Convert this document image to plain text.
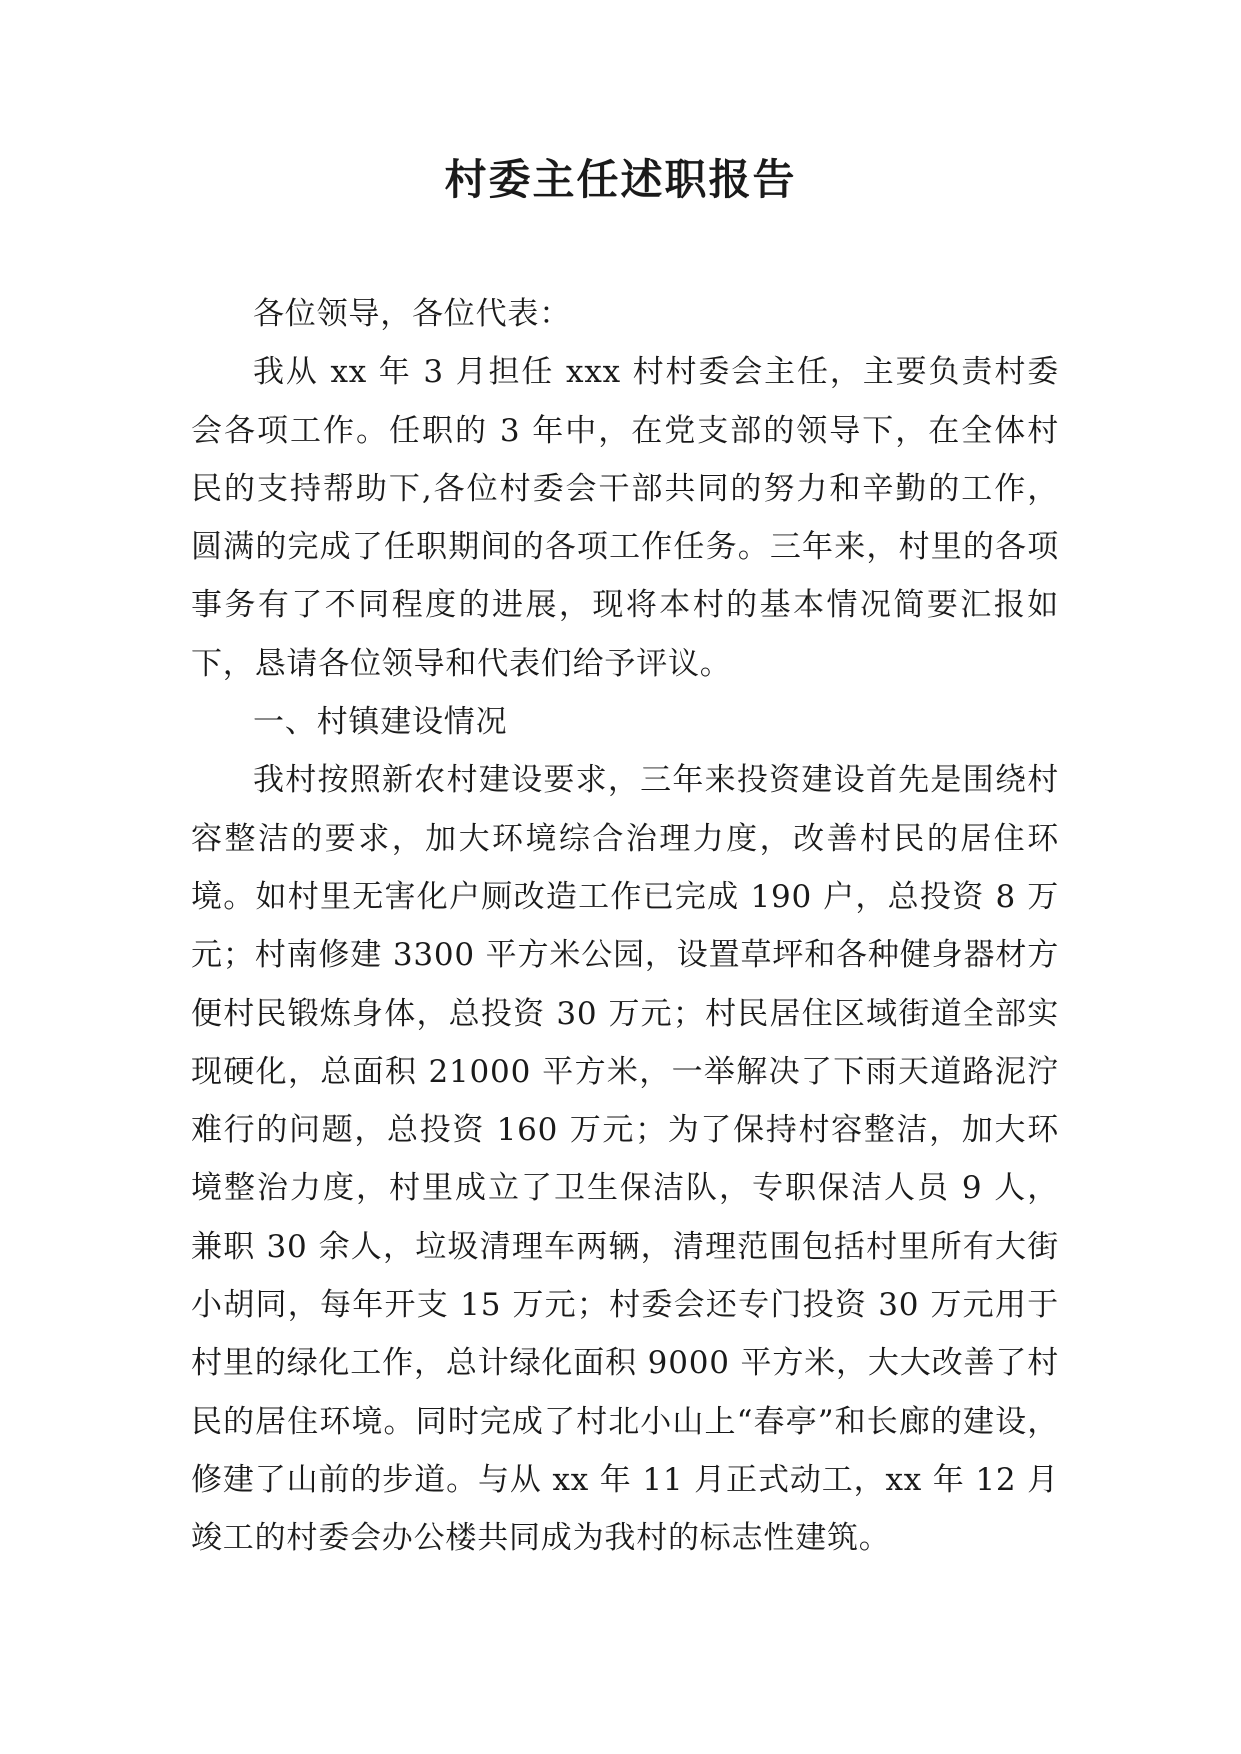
村委主任述职报告

各位领导，各位代表：

我从 xx 年 3 月担任 xxx 村村委会主任，主要负责村委会各项工作。任职的 3 年中，在党支部的领导下，在全体村民的支持帮助下,各位村委会干部共同的努力和辛勤的工作，圆满的完成了任职期间的各项工作任务。三年来，村里的各项事务有了不同程度的进展，现将本村的基本情况简要汇报如下，恳请各位领导和代表们给予评议。

一、村镇建设情况

我村按照新农村建设要求，三年来投资建设首先是围绕村容整洁的要求，加大环境综合治理力度，改善村民的居住环境。如村里无害化户厕改造工作已完成 190 户，总投资 8 万元；村南修建 3300 平方米公园，设置草坪和各种健身器材方便村民锻炼身体，总投资 30 万元；村民居住区域街道全部实现硬化，总面积 21000 平方米，一举解决了下雨天道路泥泞难行的问题，总投资 160 万元；为了保持村容整洁，加大环境整治力度，村里成立了卫生保洁队，专职保洁人员 9 人，兼职 30 余人，垃圾清理车两辆，清理范围包括村里所有大街小胡同，每年开支 15 万元；村委会还专门投资 30 万元用于村里的绿化工作，总计绿化面积 9000 平方米，大大改善了村民的居住环境。同时完成了村北小山上“春亭”和长廊的建设，修建了山前的步道。与从 xx 年 11 月正式动工，xx 年 12 月竣工的村委会办公楼共同成为我村的标志性建筑。
